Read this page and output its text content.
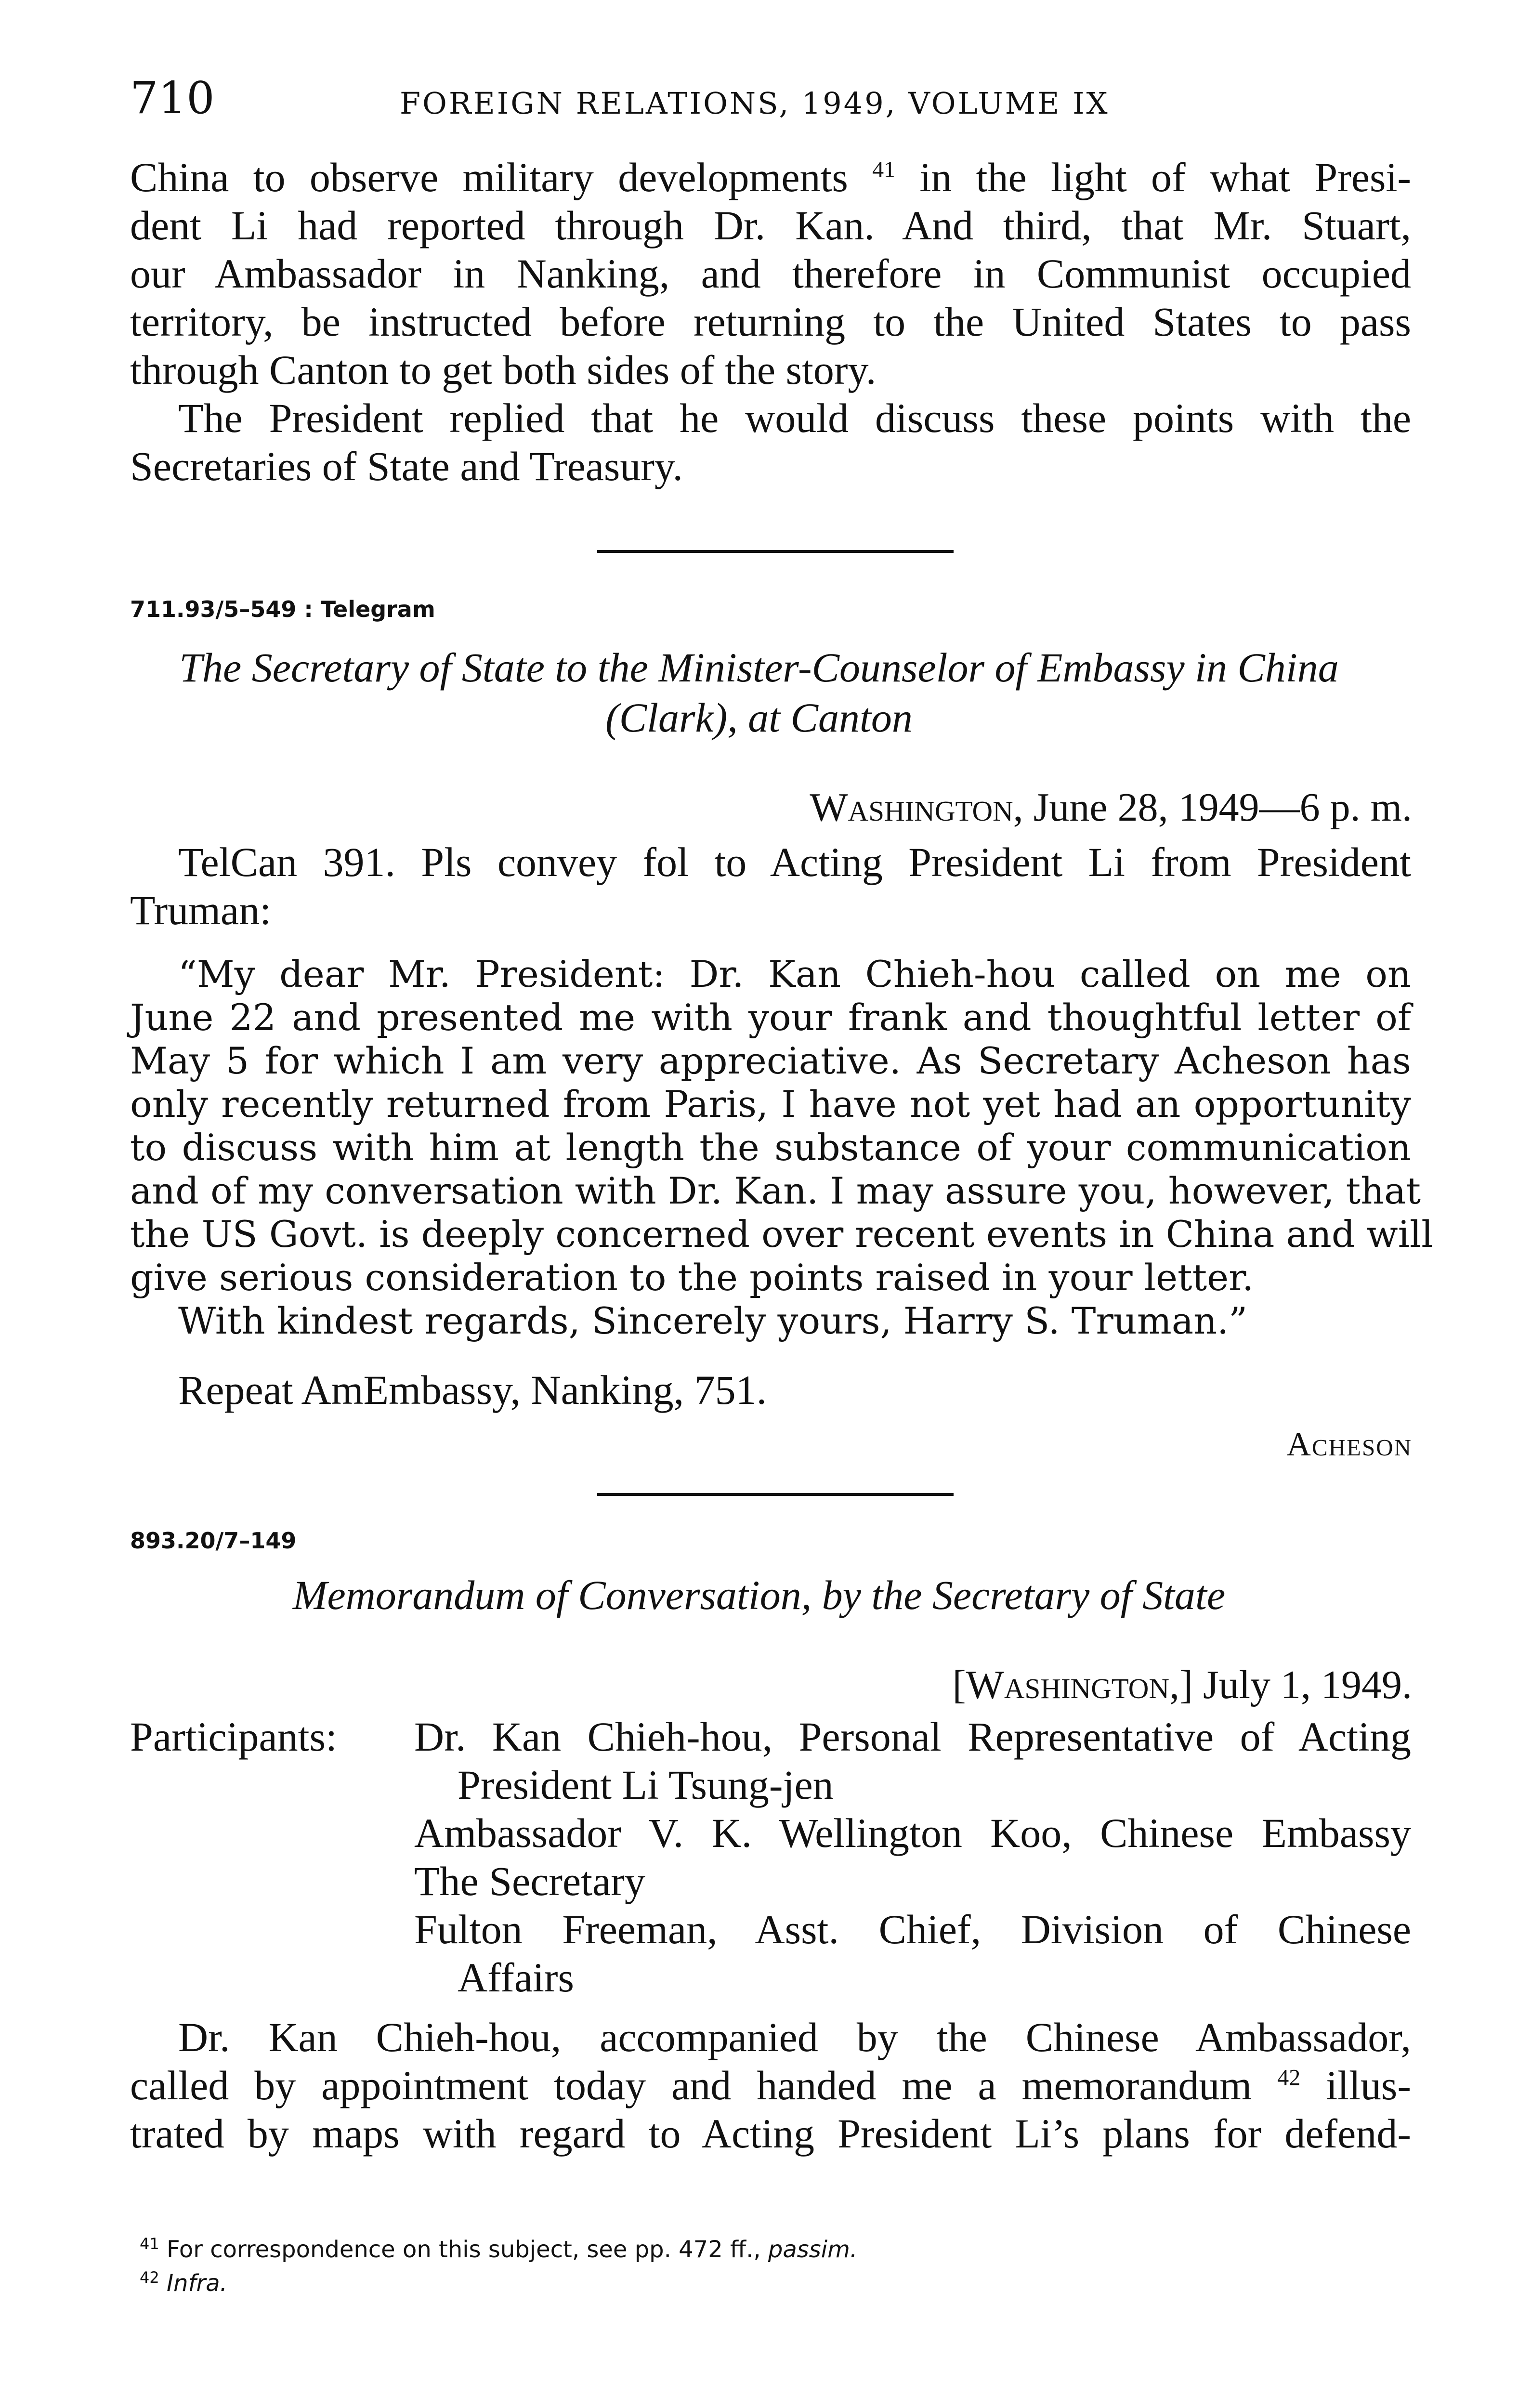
710	FOREIGN RELATIONS, 1949, VOLUME IX
China to observe military developments $^{41}$ in the light of what Presi-
dent Li had reported through Dr. Kan. And third, that Mr. Stuart,
our Ambassador in Nanking, and therefore in Communist occupied
territory, be instructed before returning to the United States to pass
through Canton to get both sides of the story.
The President replied that he would discuss these points with the
Secretaries of State and Treasury.
711.93/5–549 : Telegram
The Secretary of State to the Minister-Counselor of Embassy in China
(Clark), at Canton
Washington, June 28, 1949—6 p. m.
TelCan 391. Pls convey fol to Acting President Li from President
Truman:
“My dear Mr. President: Dr. Kan Chieh-hou called on me on
June 22 and presented me with your frank and thoughtful letter of
May 5 for which I am very appreciative. As Secretary Acheson has
only recently returned from Paris, I have not yet had an opportunity
to discuss with him at length the substance of your communication
and of my conversation with Dr. Kan. I may assure you, however, that
the US Govt. is deeply concerned over recent events in China and will
give serious consideration to the points raised in your letter.
With kindest regards, Sincerely yours, Harry S. Truman.”
Repeat AmEmbassy, Nanking, 751.
Acheson
893.20/7–149
Memorandum of Conversation, by the Secretary of State
[Washington,] July 1, 1949.
Participants: Dr. Kan Chieh-hou, Personal Representative of Acting
President Li Tsung-jen
Ambassador V. K. Wellington Koo, Chinese Embassy
The Secretary
Fulton Freeman, Asst. Chief, Division of Chinese
Affairs
Dr. Kan Chieh-hou, accompanied by the Chinese Ambassador,
called by appointment today and handed me a memorandum $^{42}$ illus-
trated by maps with regard to Acting President Li’s plans for defend-
$^{41}$ For correspondence on this subject, see pp. 472 ff., passim.
$^{42}$ Infra.
